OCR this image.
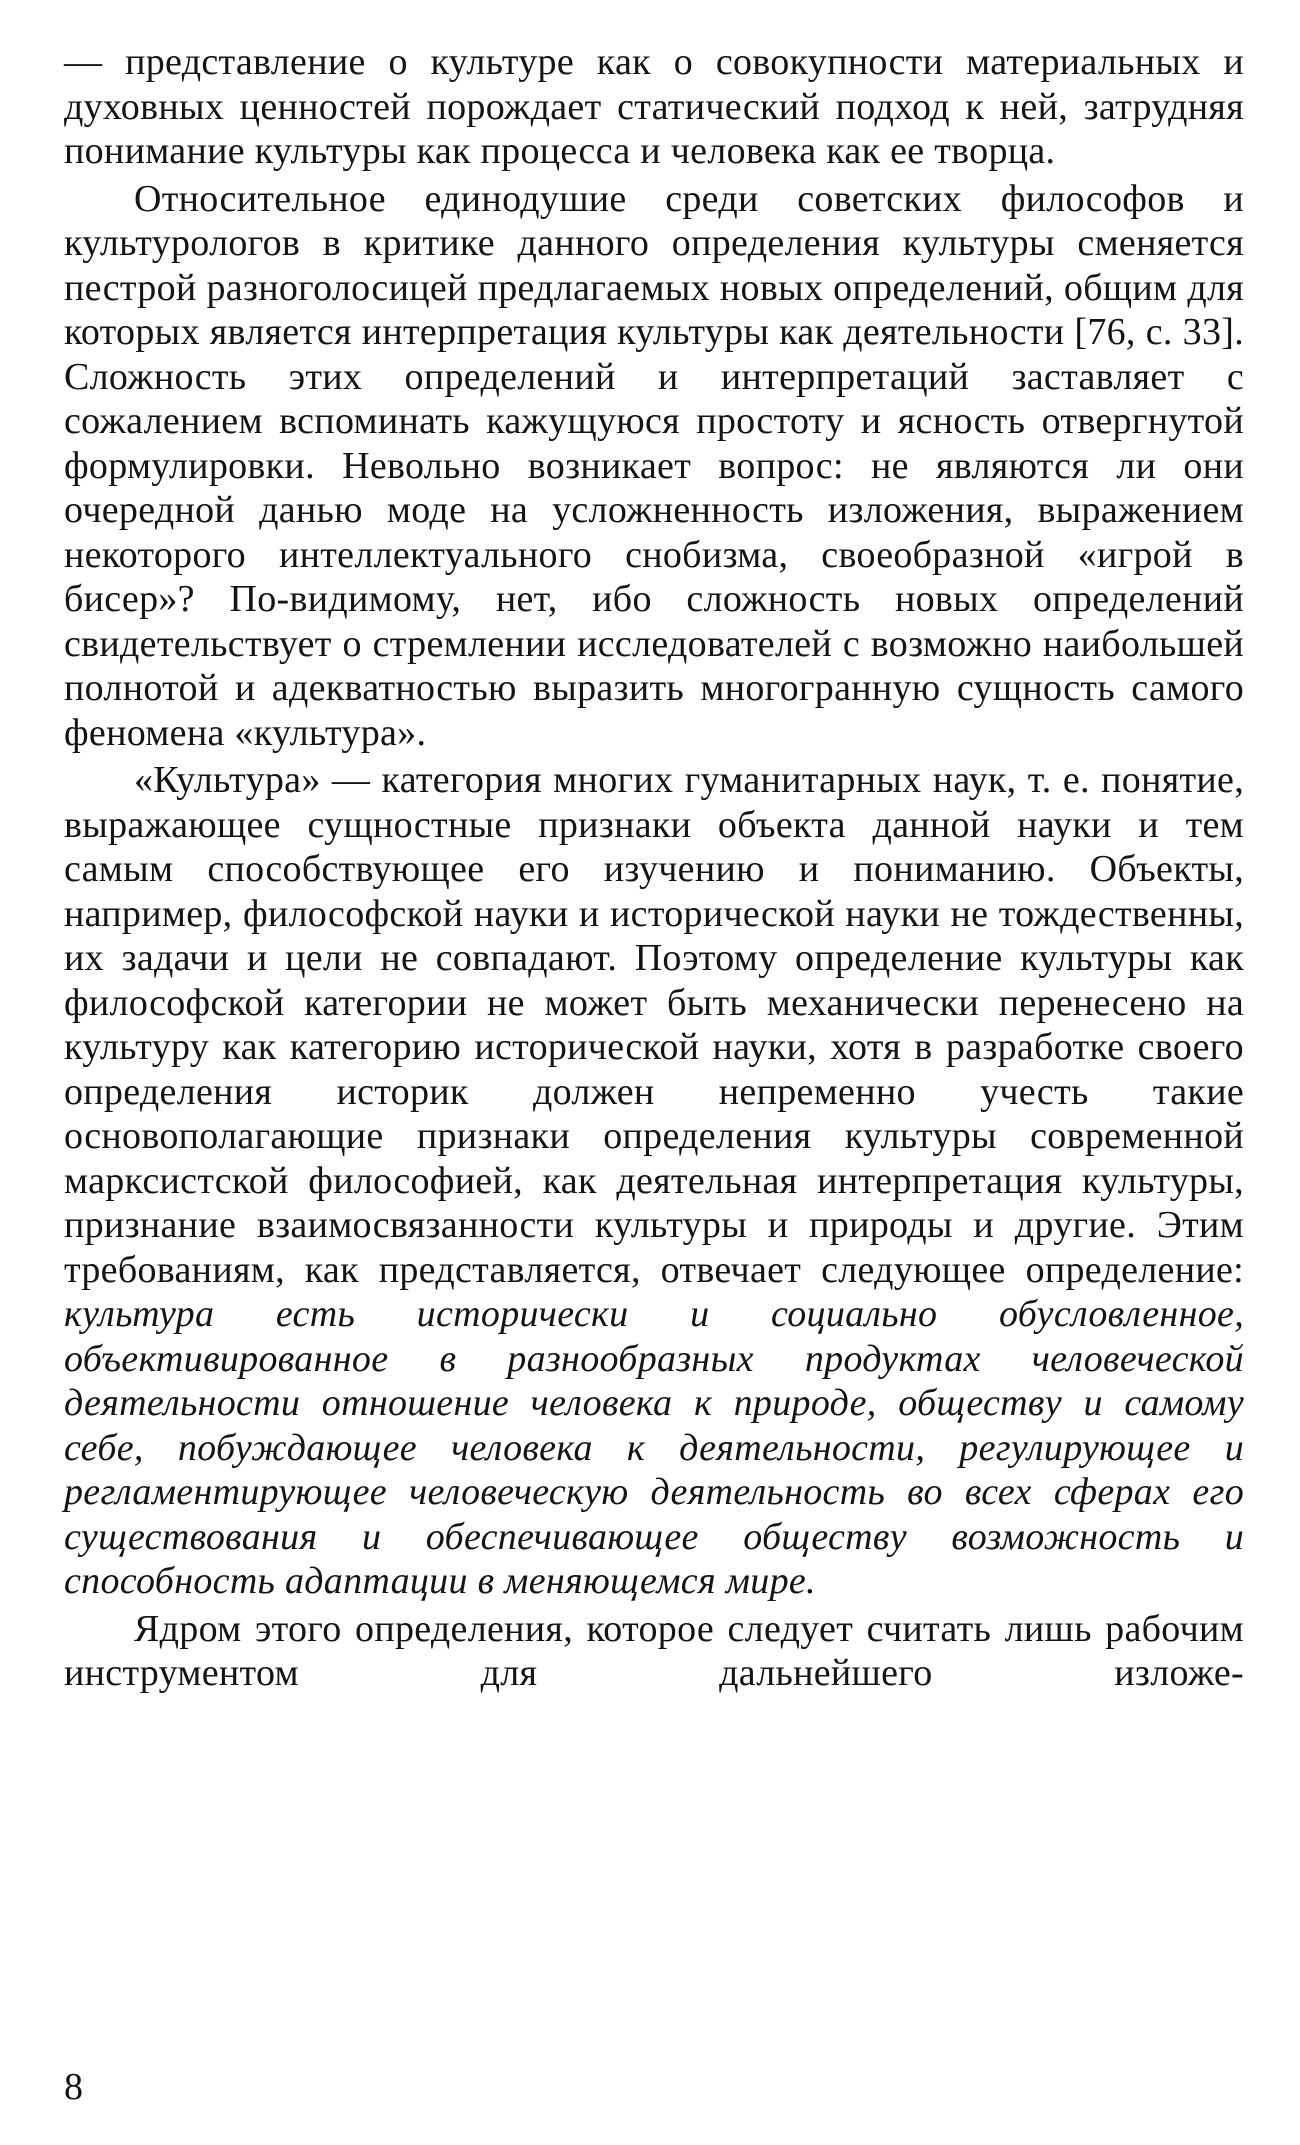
— представление о культуре как о совокупности материальных и духовных ценностей порождает статический подход к ней, затрудняя понимание культуры как процесса и человека как ее творца.

Относительное единодушие среди советских философов и культурологов в критике данного определения культуры сменяется пестрой разноголосицей предлагаемых новых определений, общим для которых является интерпретация культуры как деятельности [76, с. 33]. Сложность этих определений и интерпретаций заставляет с сожалением вспоминать кажущуюся простоту и ясность отвергнутой формулировки. Невольно возникает вопрос: не являются ли они очередной данью моде на усложненность изложения, выражением некоторого интеллектуального снобизма, своеобразной «игрой в бисер»? По-видимому, нет, ибо сложность новых определений свидетельствует о стремлении исследователей с возможно наибольшей полнотой и адекватностью выразить многогранную сущность самого феномена «культура».

«Культура» — категория многих гуманитарных наук, т. е. понятие, выражающее сущностные признаки объекта данной науки и тем самым способствующее его изучению и пониманию. Объекты, например, философской науки и исторической науки не тождественны, их задачи и цели не совпадают. Поэтому определение культуры как философской категории не может быть механически перенесено на культуру как категорию исторической науки, хотя в разработке своего определения историк должен непременно учесть такие основополагающие признаки определения культуры современной марксистской философией, как деятельная интерпретация культуры, признание взаимосвязанности культуры и природы и другие. Этим требованиям, как представляется, отвечает следующее определение: культура есть исторически и социально обусловленное, объективированное в разнообразных продуктах человеческой деятельности отношение человека к природе, обществу и самому себе, побуждающее человека к деятельности, регулирующее и регламентирующее человеческую деятельность во всех сферах его существования и обеспечивающее обществу возможность и способность адаптации в меняющемся мире.

Ядром этого определения, которое следует считать лишь рабочим инструментом для дальнейшего изложе-

8
